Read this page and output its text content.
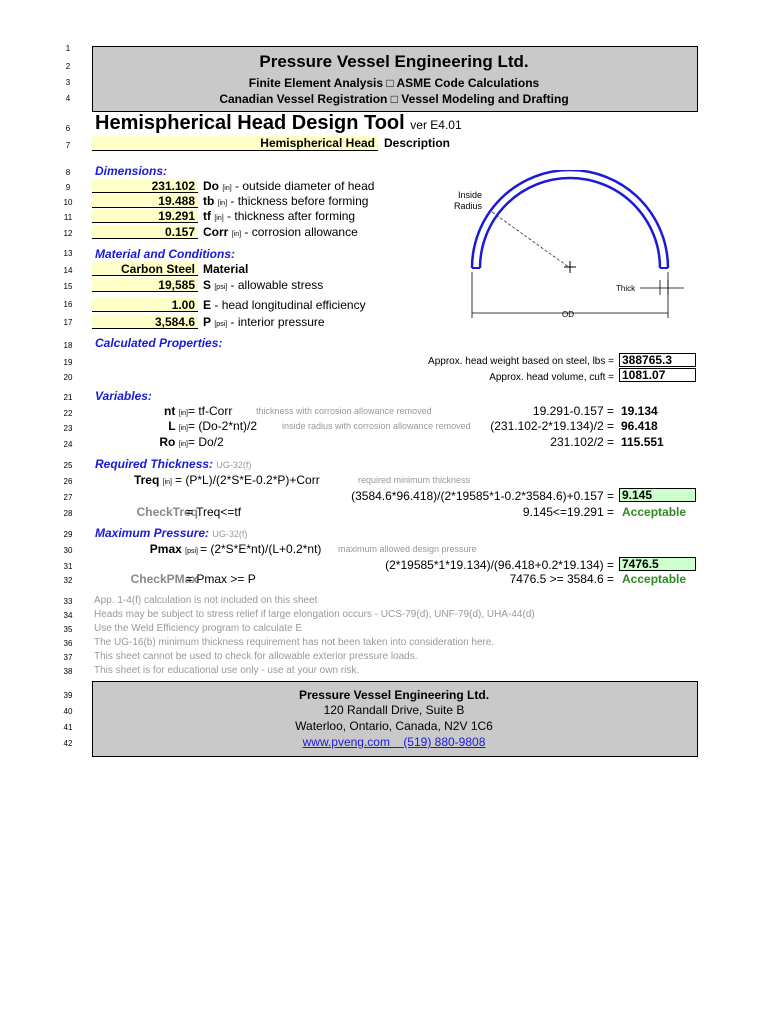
1
2
3
4
6
7
8
9
10
11
12
13
14
15
16
17
18
19
20
21
22
23
24
25
26
27
28
29
30
31
32
33
34
35
36
37
38
39
40
41
42
Pressure Vessel Engineering Ltd.
Finite Element Analysis □ ASME Code Calculations
Canadian Vessel Registration □ Vessel Modeling and Drafting
Hemispherical Head Design Tool ver E4.01
Hemispherical Head Description
Dimensions:
231.102 Do [in] - outside diameter of head
19.488 tb [in] - thickness before forming
19.291 tf [in] - thickness after forming
0.157 Corr [in] - corrosion allowance
Material and Conditions:
Carbon Steel Material
19,585 S [psi] - allowable stress
1.00 E - head longitudinal efficiency
3,584.6 P [psi] - interior pressure
Inside
Radius
Thick
OD
Calculated Properties:
Approx. head weight based on steel, lbs = 388765.3
Approx. head volume, cuft = 1081.07
Variables:
nt [in] = tf-Corr	thickness with corrosion allowance removed	19.291-0.157 = 19.134
L [in] = (Do-2*nt)/2	inside radius with corrosion allowance removed	(231.102-2*19.134)/2 = 96.418
Ro [in] = Do/2	231.102/2 = 115.551
Required Thickness: UG-32(f)
Treq [in] = (P*L)/(2*S*E-0.2*P)+Corr	required minimum thickness
(3584.6*96.418)/(2*19585*1-0.2*3584.6)+0.157 = 9.145
CheckTreq
= Treq<=tf	9.145<=19.291 = Acceptable
Maximum Pressure: UG-32(f)
Pmax [psi] = (2*S*E*nt)/(L+0.2*nt) maximum allowed design pressure
(2*19585*1*19.134)/(96.418+0.2*19.134) = 7476.5
CheckPMax
= Pmax >= P	7476.5 >= 3584.6 = Acceptable
App. 1-4(f) calculation is not included on this sheet
Heads may be subject to stress relief if large elongation occurs - UCS-79(d), UNF-79(d), UHA-44(d)
Use the Weld Efficiency program to calculate E
The UG-16(b) minimum thickness requirement has not been taken into consideration here.
This sheet cannot be used to check for allowable exterior pressure loads.
This sheet is for educational use only - use at your own risk.
Pressure Vessel Engineering Ltd.
120 Randall Drive, Suite B
Waterloo, Ontario, Canada, N2V 1C6
www.pveng.com    (519) 880-9808
